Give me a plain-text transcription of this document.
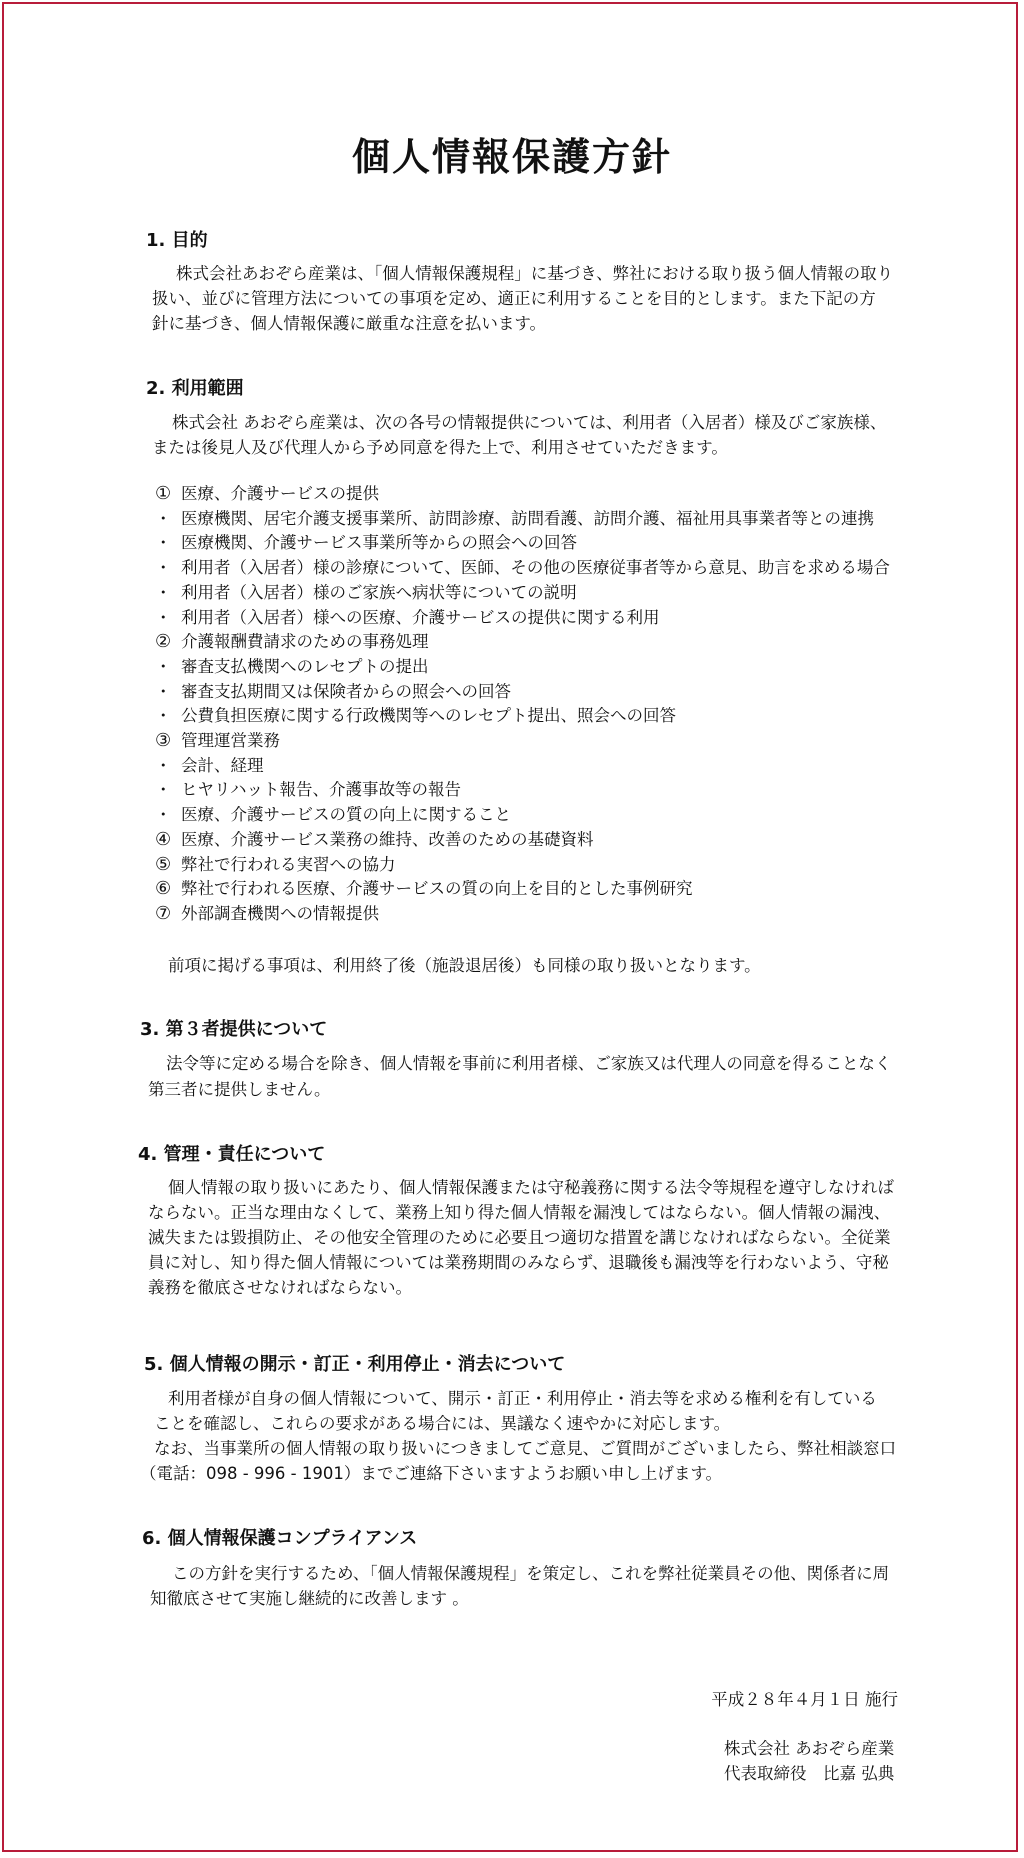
個人情報保護方針
1. 目的
株式会社あおぞら産業は、「個人情報保護規程」に基づき、弊社における取り扱う個人情報の取り
扱い、並びに管理方法についての事項を定め、適正に利用することを目的とします。また下記の方
針に基づき、個人情報保護に厳重な注意を払います。
2. 利用範囲
株式会社 あおぞら産業は、次の各号の情報提供については、利用者（入居者）様及びご家族様、
または後見人及び代理人から予め同意を得た上で、利用させていただきます。
① 医療、介護サービスの提供
・ 医療機関、居宅介護支援事業所、訪問診療、訪問看護、訪問介護、福祉用具事業者等との連携
・ 医療機関、介護サービス事業所等からの照会への回答
・ 利用者（入居者）様の診療について、医師、その他の医療従事者等から意見、助言を求める場合
・ 利用者（入居者）様のご家族へ病状等についての説明
・ 利用者（入居者）様への医療、介護サービスの提供に関する利用
② 介護報酬費請求のための事務処理
・ 審査支払機関へのレセプトの提出
・ 審査支払期間又は保険者からの照会への回答
・ 公費負担医療に関する行政機関等へのレセプト提出、照会への回答
③ 管理運営業務
・ 会計、経理
・ ヒヤリハット報告、介護事故等の報告
・ 医療、介護サービスの質の向上に関すること
④ 医療、介護サービス業務の維持、改善のための基礎資料
⑤ 弊社で行われる実習への協力
⑥ 弊社で行われる医療、介護サービスの質の向上を目的とした事例研究
⑦ 外部調査機関への情報提供
前項に掲げる事項は、利用終了後（施設退居後）も同様の取り扱いとなります。
3. 第３者提供について
法令等に定める場合を除き、個人情報を事前に利用者様、ご家族又は代理人の同意を得ることなく
第三者に提供しません。
4. 管理・責任について
個人情報の取り扱いにあたり、個人情報保護または守秘義務に関する法令等規程を遵守しなければ
ならない。正当な理由なくして、業務上知り得た個人情報を漏洩してはならない。個人情報の漏洩、
滅失または毀損防止、その他安全管理のために必要且つ適切な措置を講じなければならない。全従業
員に対し、知り得た個人情報については業務期間のみならず、退職後も漏洩等を行わないよう、守秘
義務を徹底させなければならない。
5. 個人情報の開示・訂正・利用停止・消去について
利用者様が自身の個人情報について、開示・訂正・利用停止・消去等を求める権利を有している
ことを確認し、これらの要求がある場合には、異議なく速やかに対応します。
なお、当事業所の個人情報の取り扱いにつきましてご意見、ご質問がございましたら、弊社相談窓口
（電話：098 - 996 - 1901）までご連絡下さいますようお願い申し上げます。
6. 個人情報保護コンプライアンス
この方針を実行するため、「個人情報保護規程」を策定し、これを弊社従業員その他、関係者に周
知徹底させて実施し継続的に改善します 。
平成２８年４月１日 施行
株式会社 あおぞら産業
代表取締役　比嘉 弘典
